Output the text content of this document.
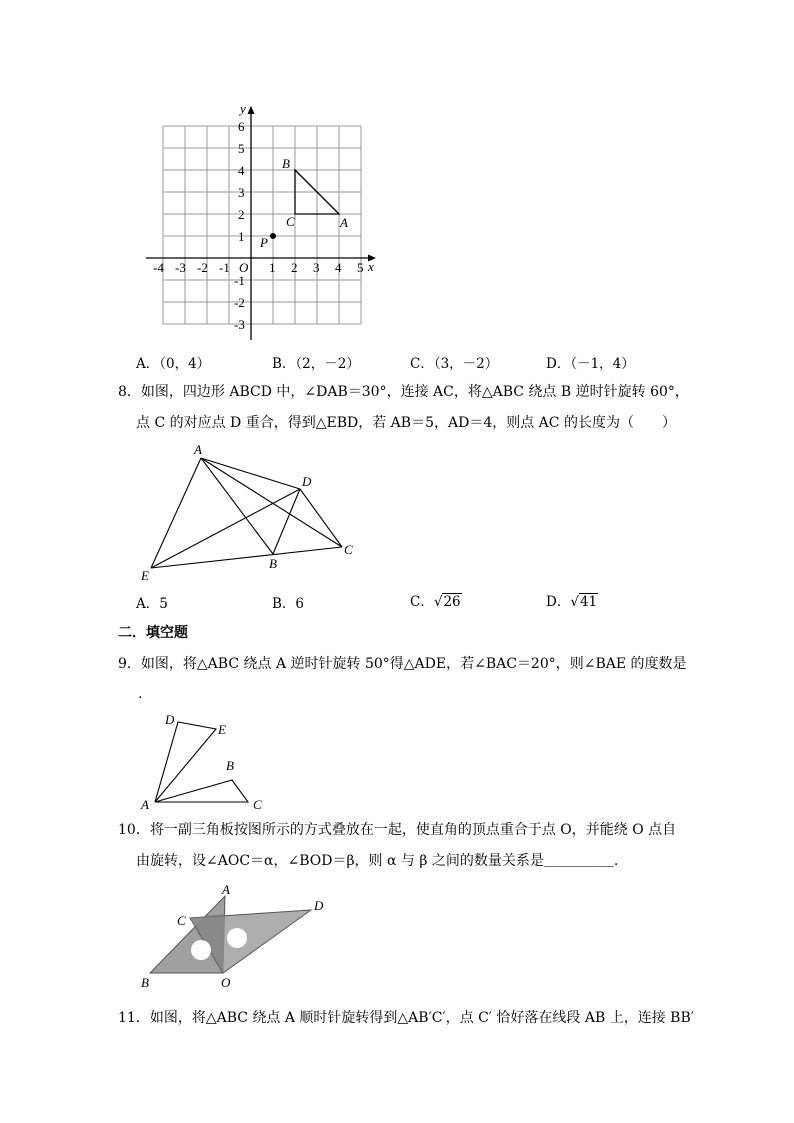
y
x
O
-4 -3 -2 -1	1 2 3 4 5
6
5
4
3
2
1
-1
-2
-3
B
C	A
P
A．（0，4）	B．（2，－2）	C．（3，－2）	D．（－1，4）
8．如图，四边形 ABCD 中，∠DAB＝30°，连接 AC，将△ABC 绕点 B 逆时针旋转 60°，
点 C 的对应点 D 重合，得到△EBD，若 AB＝5，AD＝4，则点 AC 的长度为（　　）
A
D
C
B
E
A．5	B．6	C．√26	D．√41
二．填空题
9．如图，将△ABC 绕点 A 逆时针旋转 50°得△ADE，若∠BAC＝20°，则∠BAE 的度数是
.
D
E
B
A	C
10．将一副三角板按图所示的方式叠放在一起，使直角的顶点重合于点 O，并能绕 O 点自
由旋转，设∠AOC＝α，∠BOD＝β，则 α 与 β 之间的数量关系是＿＿＿＿＿.
A
C
D
B	O
11．如图，将△ABC 绕点 A 顺时针旋转得到△AB′C′，点 C′ 恰好落在线段 AB 上，连接 BB′
